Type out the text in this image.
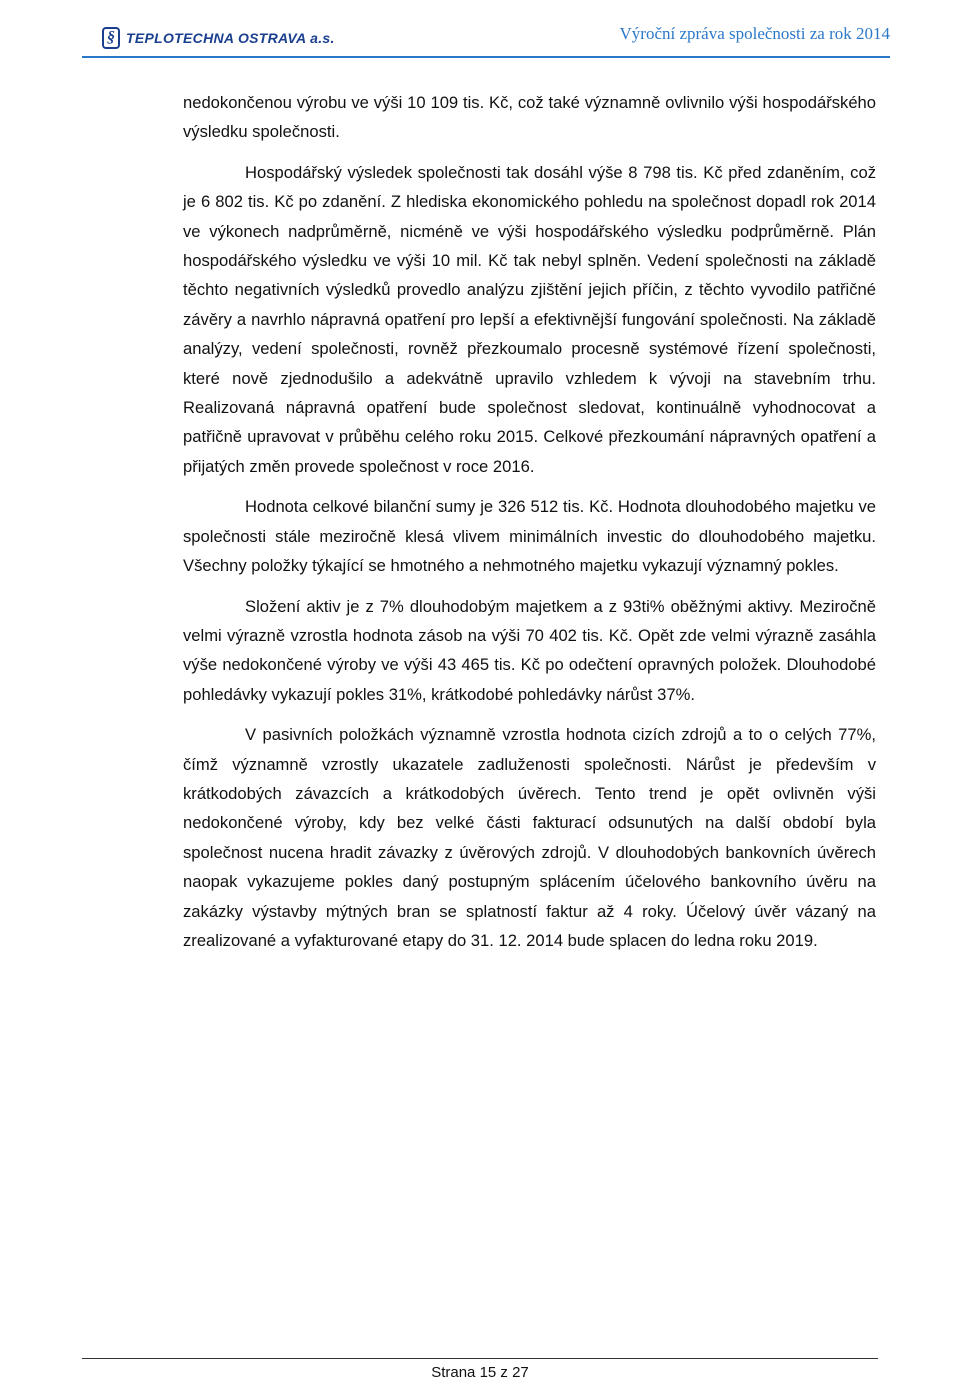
§ TEPLOTECHNA OSTRAVA a.s.	Výroční zpráva společnosti za rok 2014

nedokončenou výrobu ve výši 10 109 tis. Kč, což také významně ovlivnilo výši hospodářského výsledku společnosti.

Hospodářský výsledek společnosti tak dosáhl výše 8 798 tis. Kč před zdaněním, což je 6 802 tis. Kč po zdanění. Z hlediska ekonomického pohledu na společnost dopadl rok 2014 ve výkonech nadprůměrně, nicméně ve výši hospodářského výsledku podprůměrně. Plán hospodářského výsledku ve výši 10 mil. Kč tak nebyl splněn. Vedení společnosti na základě těchto negativních výsledků provedlo analýzu zjištění jejich příčin, z těchto vyvodilo patřičné závěry a navrhlo nápravná opatření pro lepší a efektivnější fungování společnosti. Na základě analýzy, vedení společnosti, rovněž přezkoumalo procesně systémové řízení společnosti, které nově zjednodušilo a adekvátně upravilo vzhledem k vývoji na stavebním trhu. Realizovaná nápravná opatření bude společnost sledovat, kontinuálně vyhodnocovat a patřičně upravovat v průběhu celého roku 2015. Celkové přezkoumání nápravných opatření a přijatých změn provede společnost v roce 2016.

Hodnota celkové bilanční sumy je 326 512 tis. Kč. Hodnota dlouhodobého majetku ve společnosti stále meziročně klesá vlivem minimálních investic do dlouhodobého majetku. Všechny položky týkající se hmotného a nehmotného majetku vykazují významný pokles.

Složení aktiv je z 7% dlouhodobým majetkem a z 93ti% oběžnými aktivy. Meziročně velmi výrazně vzrostla hodnota zásob na výši 70 402 tis. Kč. Opět zde velmi výrazně zasáhla výše nedokončené výroby ve výši 43 465 tis. Kč po odečtení opravných položek. Dlouhodobé pohledávky vykazují pokles 31%, krátkodobé pohledávky nárůst 37%.

V pasivních položkách významně vzrostla hodnota cizích zdrojů a to o celých 77%, čímž významně vzrostly ukazatele zadluženosti společnosti. Nárůst je především v krátkodobých závazcích a krátkodobých úvěrech. Tento trend je opět ovlivněn výši nedokončené výroby, kdy bez velké části fakturací odsunutých na další období byla společnost nucena hradit závazky z úvěrových zdrojů. V dlouhodobých bankovních úvěrech naopak vykazujeme pokles daný postupným splácením účelového bankovního úvěru na zakázky výstavby mýtných bran se splatností faktur až 4 roky. Účelový úvěr vázaný na zrealizované a vyfakturované etapy do 31. 12. 2014 bude splacen do ledna roku 2019.

Strana 15 z 27
